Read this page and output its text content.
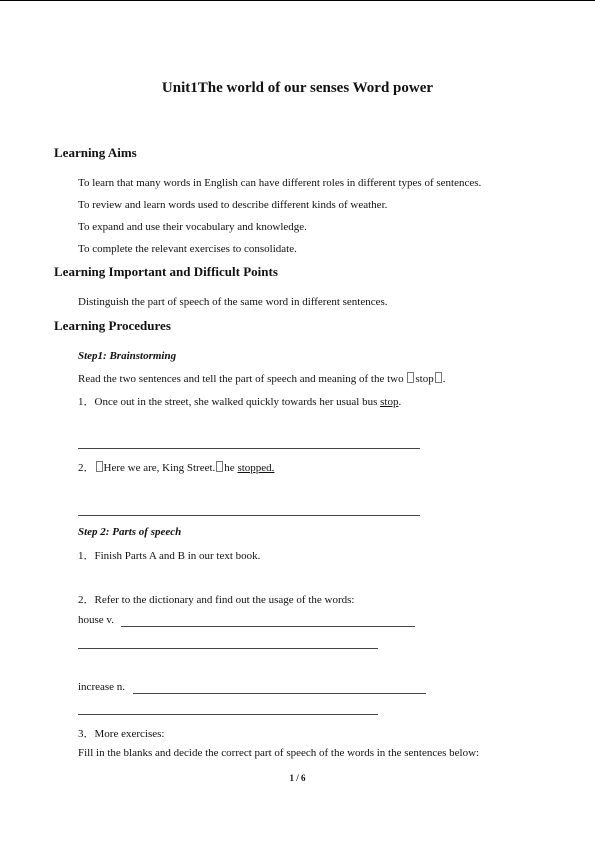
Unit1The world of our senses Word power
Learning Aims
To learn that many words in English can have different roles in different types of sentences.
To review and learn words used to describe different kinds of weather.
To expand and use their vocabulary and knowledge.
To complete the relevant exercises to consolidate.
Learning Important and Difficult Points
Distinguish the part of speech of the same word in different sentences.
Learning Procedures
Step1: Brainstorming
Read the two sentences and tell the part of speech and meaning of the two stop .
1．Once out in the street, she walked quickly towards her usual bus stop.
2． Here we are, King Street. he stopped.
Step 2: Parts of speech
1．Finish Parts A and B in our text book.
2．Refer to the dictionary and find out the usage of the words:
house v.
increase n.
3．More exercises:
Fill in the blanks and decide the correct part of speech of the words in the sentences below:
1 / 6
